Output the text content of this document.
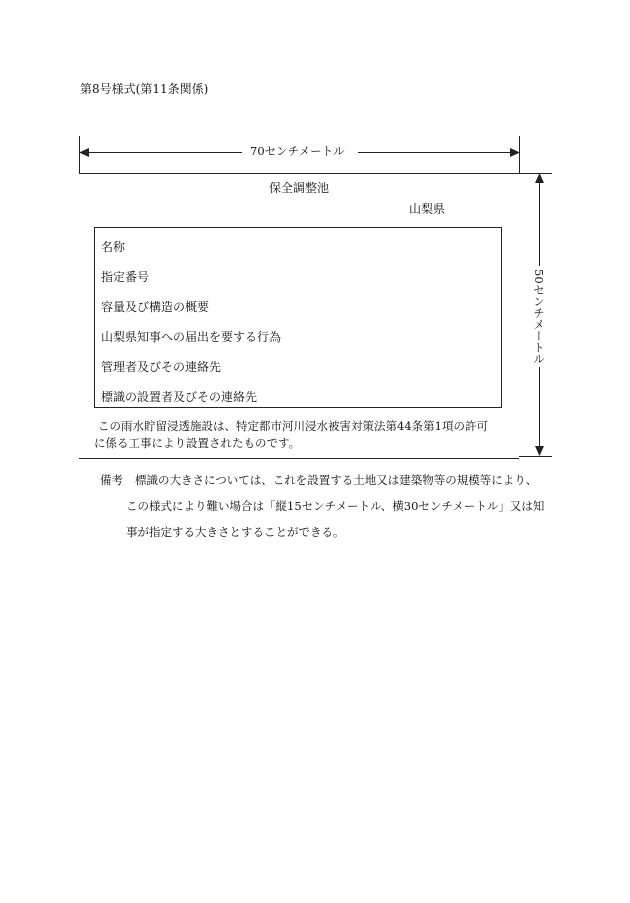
第8号様式(第11条関係)
70センチメートル
50センチメートル
保全調整池
山梨県
この雨水貯留浸透施設は、特定都市河川浸水被害対策法第44条第1項の許可
に係る工事により設置されたものです。
名称
指定番号
容量及び構造の概要
山梨県知事への届出を要する行為
管理者及びその連絡先
標識の設置者及びその連絡先
備考 標識の大きさについては、これを設置する土地又は建築物等の規模等により、
この様式により難い場合は「縦15センチメートル、横30センチメートル」又は知
事が指定する大きさとすることができる。
